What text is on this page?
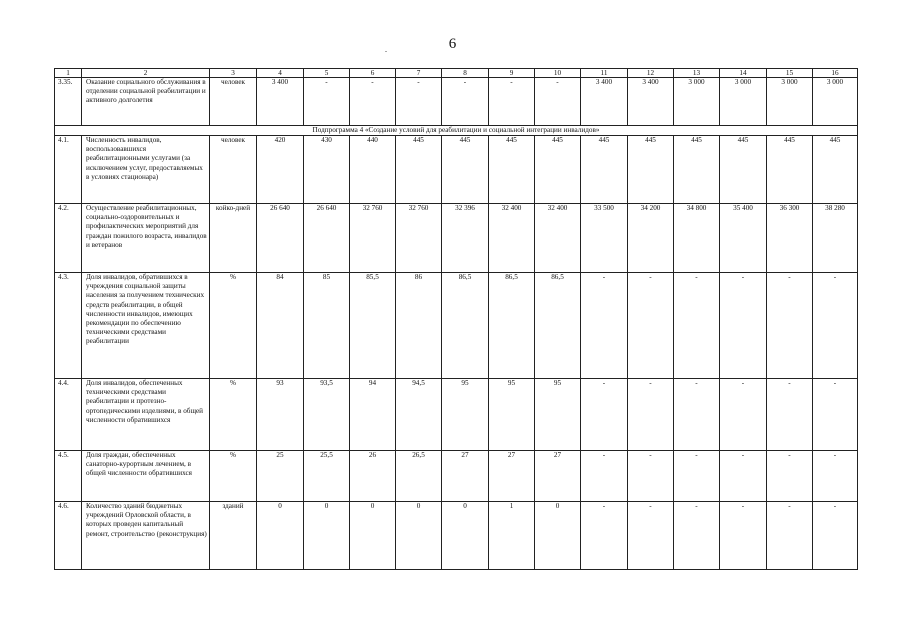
6
.
1	2	3	4	5	6	7	8	9	10	11	12	13	14	15	16
3.35.	Оказание социального обслуживания в отделении социальной реабилитации и активного долголетия	человек	3 400	-	-	-	-	-	-	3 400	3 400	3 000	3 000	3 000	3 000
Подпрограмма 4 «Создание условий для реабилитации и социальной интеграции инвалидов»															
4.1.	Численность инвалидов, воспользовавшихся реабилитационными услугами (за исключением услуг, предоставляемых в условиях стационара)	человек	420	430	440	445	445	445	445	445	445	445	445	445	445
4.2.	Осуществление реабилитационных, социально-оздоровительных и профилактических мероприятий для граждан пожилого возраста, инвалидов и ветеранов	койко-дней	26 640	26 640	32 760	32 760	32 396	32 400	32 400	33 500	34 200	34 800	35 400	36 300	38 280
4.3.	Доля инвалидов, обратившихся в учреждения социальной защиты населения за получением технических средств реабилитации, в общей численности инвалидов, имеющих рекомендации по обеспечению техническими средствами реабилитации	%	84	85	85,5	86	86,5	86,5	86,5	-	-	-	-	-	-
4.4.	Доля инвалидов, обеспеченных техническими средствами реабилитации и протезно-ортопедическими изделиями, в общей численности обратившихся	%	93	93,5	94	94,5	95	95	95	-	-	-	-	-	-
4.5.	Доля граждан, обеспеченных санаторно-курортным лечением, в общей численности обратившихся	%	25	25,5	26	26,5	27	27	27	-	-	-	-	-	-
4.6.	Количество зданий бюджетных учреждений Орловской области, в которых проведен капитальный ремонт, строительство (реконструкция)	зданий	0	0	0	0	0	1	0	-	-	-	-	-	-
